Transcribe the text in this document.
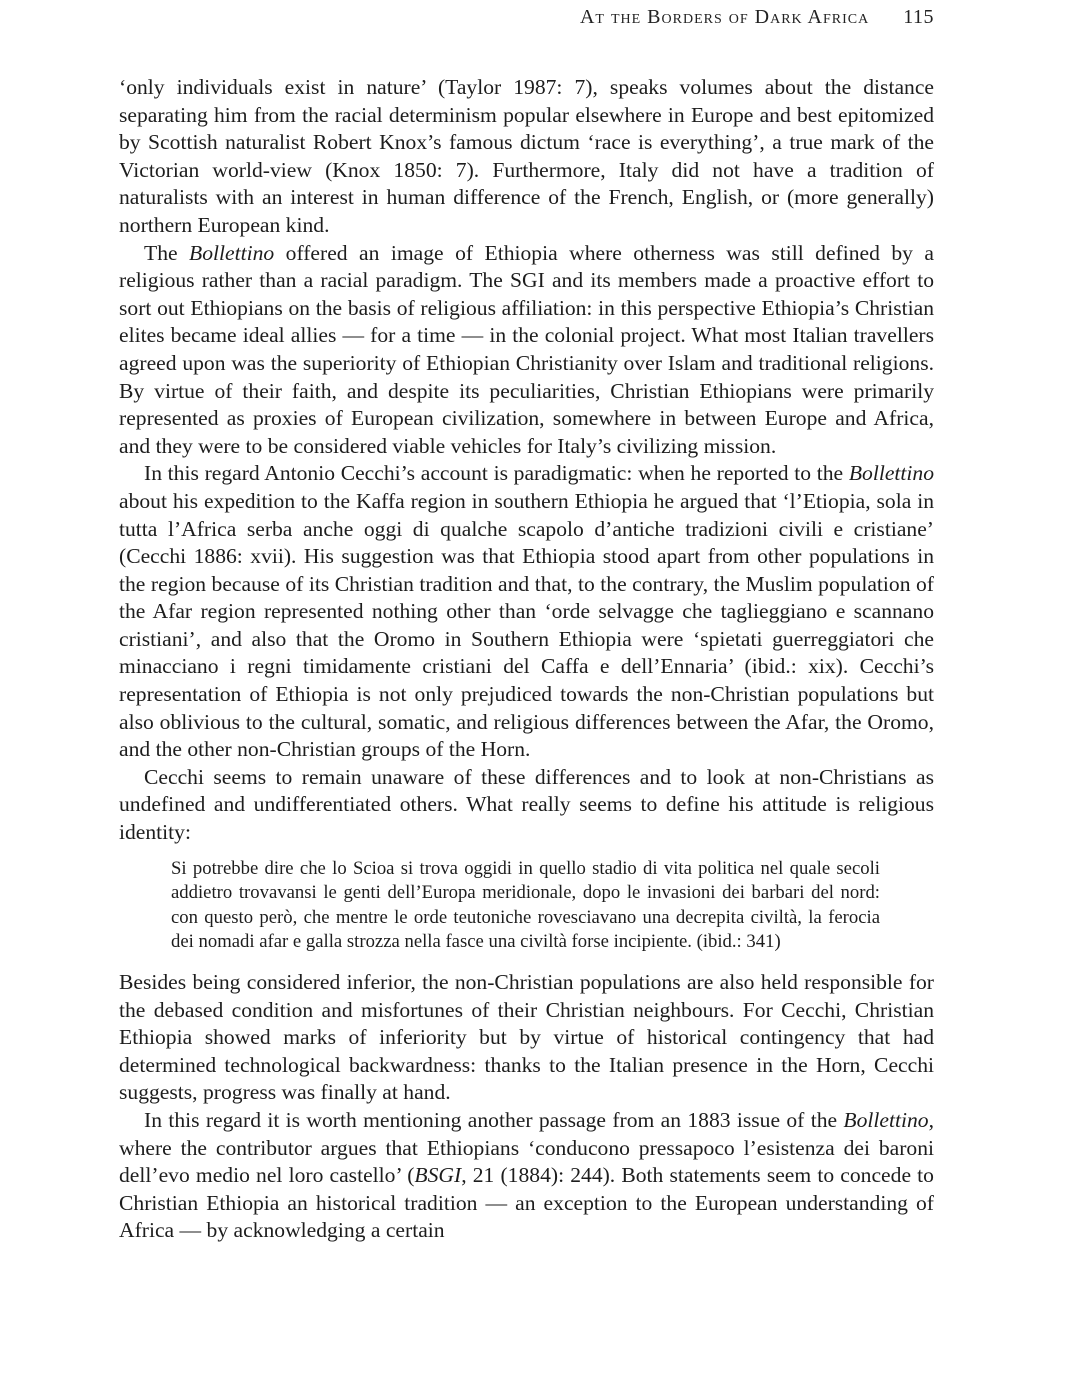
At the Borders of Dark Africa 115

‘only individuals exist in nature’ (Taylor 1987: 7), speaks volumes about the distance separating him from the racial determinism popular elsewhere in Europe and best epitomized by Scottish naturalist Robert Knox’s famous dictum ‘race is everything’, a true mark of the Victorian world-view (Knox 1850: 7). Furthermore, Italy did not have a tradition of naturalists with an interest in human difference of the French, English, or (more generally) northern European kind.

The Bollettino offered an image of Ethiopia where otherness was still defined by a religious rather than a racial paradigm. The SGI and its members made a proactive effort to sort out Ethiopians on the basis of religious affiliation: in this perspective Ethiopia’s Christian elites became ideal allies — for a time — in the colonial project. What most Italian travellers agreed upon was the superiority of Ethiopian Christianity over Islam and traditional religions. By virtue of their faith, and despite its peculiarities, Christian Ethiopians were primarily represented as proxies of European civilization, somewhere in between Europe and Africa, and they were to be considered viable vehicles for Italy’s civilizing mission.

In this regard Antonio Cecchi’s account is paradigmatic: when he reported to the Bollettino about his expedition to the Kaffa region in southern Ethiopia he argued that ‘l’Etiopia, sola in tutta l’Africa serba anche oggi di qualche scapolo d’antiche tradizioni civili e cristiane’ (Cecchi 1886: xvii). His suggestion was that Ethiopia stood apart from other populations in the region because of its Christian tradition and that, to the contrary, the Muslim population of the Afar region represented nothing other than ‘orde selvagge che taglieggiano e scannano cristiani’, and also that the Oromo in Southern Ethiopia were ‘spietati guerreggiatori che minacciano i regni timidamente cristiani del Caffa e dell’Ennaria’ (ibid.: xix). Cecchi’s representation of Ethiopia is not only prejudiced towards the non-Christian populations but also oblivious to the cultural, somatic, and religious differences between the Afar, the Oromo, and the other non-Christian groups of the Horn.

Cecchi seems to remain unaware of these differences and to look at non-Christians as undefined and undifferentiated others. What really seems to define his attitude is religious identity:

Si potrebbe dire che lo Scioa si trova oggidi in quello stadio di vita politica nel quale secoli addietro trovavansi le genti dell’Europa meridionale, dopo le invasioni dei barbari del nord: con questo però, che mentre le orde teutoniche rovesciavano una decrepita civiltà, la ferocia dei nomadi afar e galla strozza nella fasce una civiltà forse incipiente. (ibid.: 341)

Besides being considered inferior, the non-Christian populations are also held responsible for the debased condition and misfortunes of their Christian neighbours. For Cecchi, Christian Ethiopia showed marks of inferiority but by virtue of historical contingency that had determined technological backwardness: thanks to the Italian presence in the Horn, Cecchi suggests, progress was finally at hand.

In this regard it is worth mentioning another passage from an 1883 issue of the Bollettino, where the contributor argues that Ethiopians ‘conducono pressapoco l’esistenza dei baroni dell’evo medio nel loro castello’ (BSGI, 21 (1884): 244). Both statements seem to concede to Christian Ethiopia an historical tradition — an exception to the European understanding of Africa — by acknowledging a certain
